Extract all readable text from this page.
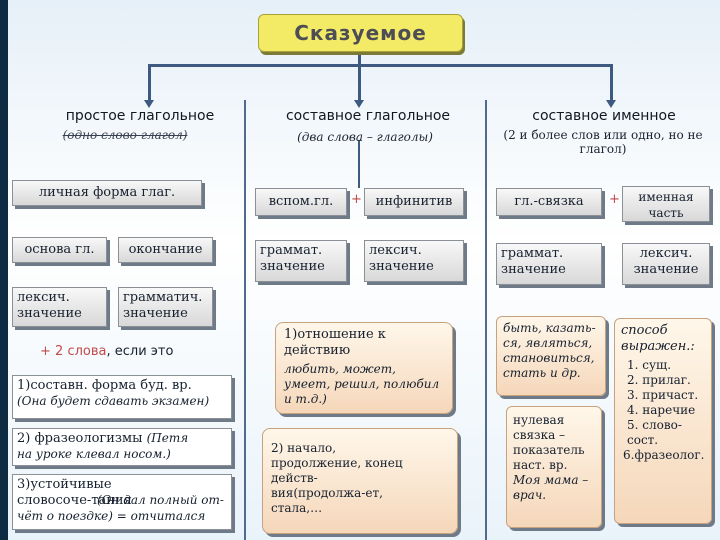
Сказуемое
простое глагольное
(одно слово-глагол)
составное глагольное
(два слова – глаголы)
составное именное
(2 и более слов или одно, но не глагол)
личная форма глаг.
основа гл.	окончание
лексич. значение
грамматич. значение
+ 2 слова, если это
1)составн. форма буд. вр.
(Она будет сдавать экзамен)
2) фразеологизмы (Петя
на уроке клевал носом.)
3)устойчивые словосоче-тания
(Он дал полный от-
чёт о поездке) = отчитался
вспом.гл.	+	инфинитив
граммат. значение
лексич. значение
1)отношение к действию
любить, может, умеет, решил, полюбил и т.д.)
2) начало, продолжение, конец действ-вия(продолжа-ет, стала,…
гл.-связка	+	именная часть
граммат. значение
лексич. значение
быть, казать-ся, являться, становиться, стать и др.
нулевая связка – показатель наст. вр.
Моя мама – врач.
способ выражен.:
1. сущ.
2. прилаг.
3. причаст.
4. наречие
5. слово-сост.
6.фразеолог.
